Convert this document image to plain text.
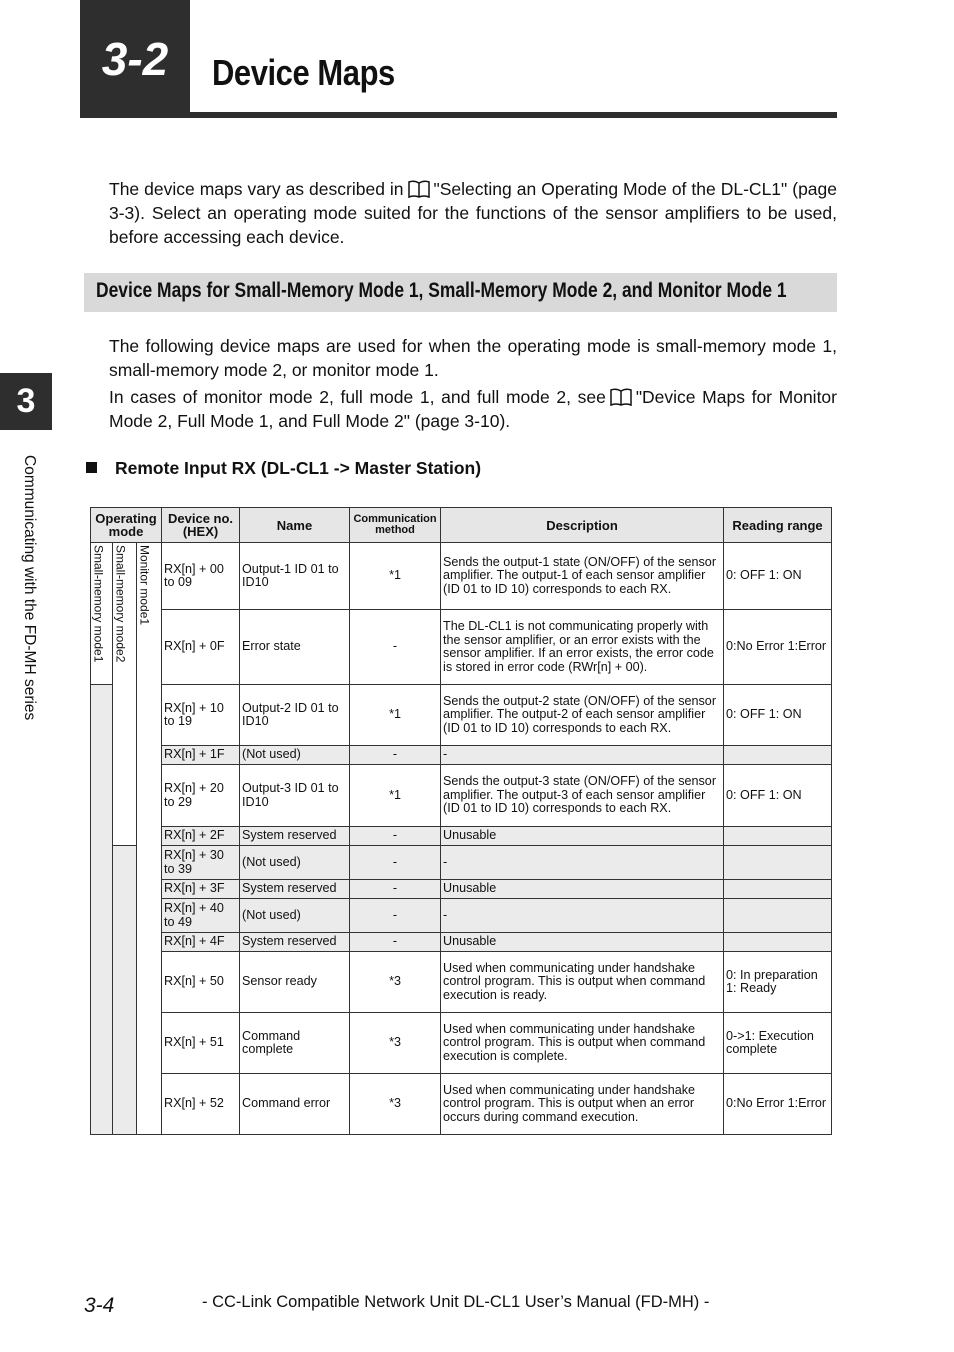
3-2	Device Maps
The device maps vary as described in "Selecting an Operating Mode of the DL-CL1" (page 3-3). Select an operating mode suited for the functions of the sensor amplifiers to be used, before accessing each device.
Device Maps for Small-Memory Mode 1, Small-Memory Mode 2, and Monitor Mode 1
The following device maps are used for when the operating mode is small-memory mode 1, small-memory mode 2, or monitor mode 1.
In cases of monitor mode 2, full mode 1, and full mode 2, see "Device Maps for Monitor Mode 2, Full Mode 1, and Full Mode 2" (page 3-10).
3
Communicating with the FD-MH series	Remote Input RX (DL-CL1 -> Master Station)
Operating mode			Device no. (HEX)	Name	Communication method	Description	Reading range
Small-memory mode1	Small-memory mode2	Monitor mode1	RX[n] + 00 to 09	Output-1 ID 01 to ID10	*1	Sends the output-1 state (ON/OFF) of the sensor amplifier. The output-1 of each sensor amplifier (ID 01 to ID 10) corresponds to each RX.	0: OFF 1: ON
			RX[n] + 0F	Error state	-	The DL-CL1 is not communicating properly with the sensor amplifier, or an error exists with the sensor amplifier. If an error exists, the error code is stored in error code (RWr[n] + 00).	0:No Error 1:Error
			RX[n] + 10 to 19	Output-2 ID 01 to ID10	*1	Sends the output-2 state (ON/OFF) of the sensor amplifier. The output-2 of each sensor amplifier (ID 01 to ID 10) corresponds to each RX.	0: OFF 1: ON
			RX[n] + 1F	(Not used)	-	-	
			RX[n] + 20 to 29	Output-3 ID 01 to ID10	*1	Sends the output-3 state (ON/OFF) of the sensor amplifier. The output-3 of each sensor amplifier (ID 01 to ID 10) corresponds to each RX.	0: OFF 1: ON
			RX[n] + 2F	System reserved	-	Unusable	
			RX[n] + 30 to 39	(Not used)	-	-	
			RX[n] + 3F	System reserved	-	Unusable	
			RX[n] + 40 to 49	(Not used)	-	-	
			RX[n] + 4F	System reserved	-	Unusable	
			RX[n] + 50	Sensor ready	*3	Used when communicating under handshake control program. This is output when command execution is ready.	0: In preparation 1: Ready
			RX[n] + 51	Command complete	*3	Used when communicating under handshake control program. This is output when command execution is complete.	0->1: Execution complete
			RX[n] + 52	Command error	*3	Used when communicating under handshake control program. This is output when an error occurs during command execution.	0:No Error 1:Error
3-4	- CC-Link Compatible Network Unit DL-CL1 User’s Manual (FD-MH) -
